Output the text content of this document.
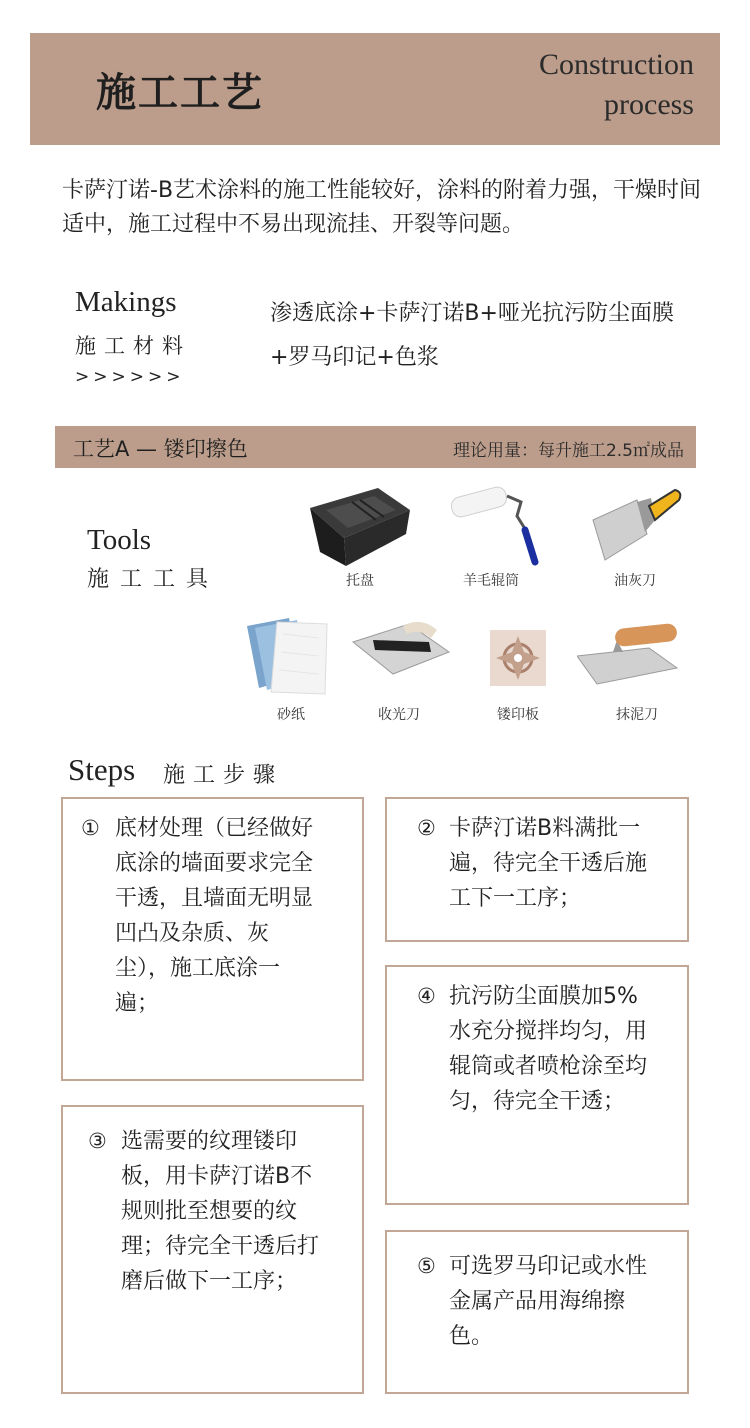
施工工艺
Construction
process
卡萨汀诺-B艺术涂料的施工性能较好，涂料的附着力强，干燥时间适中，施工过程中不易出现流挂、开裂等问题。
Makings
施工材料
>>>>>>
渗透底涂+卡萨汀诺B+哑光抗污防尘面膜+罗马印记+色浆
工艺A — 镂印擦色	理论用量：每升施工2.5㎡成品
Tools
施工工具	托盘	羊毛辊筒	油灰刀
砂纸	收光刀	镂印板	抹泥刀
Steps 施工步骤
① 底材处理（已经做好底涂的墙面要求完全干透，且墙面无明显凹凸及杂质、灰尘），施工底涂一遍；
② 卡萨汀诺B料满批一遍，待完全干透后施工下一工序；
④ 抗污防尘面膜加5%水充分搅拌均匀，用辊筒或者喷枪涂至均匀，待完全干透；
③ 选需要的纹理镂印板，用卡萨汀诺B不规则批至想要的纹理；待完全干透后打磨后做下一工序；
⑤ 可选罗马印记或水性金属产品用海绵擦色。
